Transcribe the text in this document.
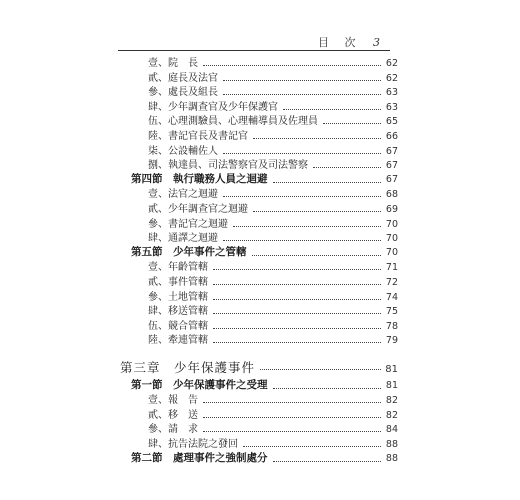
目 次 3
壹、院　長	62
貳、庭長及法官	62
參、處長及組長	63
肆、少年調查官及少年保護官	63
伍、心理測驗員、心理輔導員及佐理員	65
陸、書記官長及書記官	66
柒、公設輔佐人	67
捌、執達員、司法警察官及司法警察	67
第四節　執行職務人員之迴避	67
壹、法官之迴避	68
貳、少年調查官之迴避	69
參、書記官之迴避	70
肆、通譯之迴避	70
第五節　少年事件之管轄	70
壹、年齡管轄	71
貳、事件管轄	72
參、土地管轄	74
肆、移送管轄	75
伍、競合管轄	78
陸、牽連管轄	79
第三章　少年保護事件	81
第一節　少年保護事件之受理	81
壹、報　告	82
貳、移　送	82
參、請　求	84
肆、抗告法院之發回	88
第二節　處理事件之強制處分	88
